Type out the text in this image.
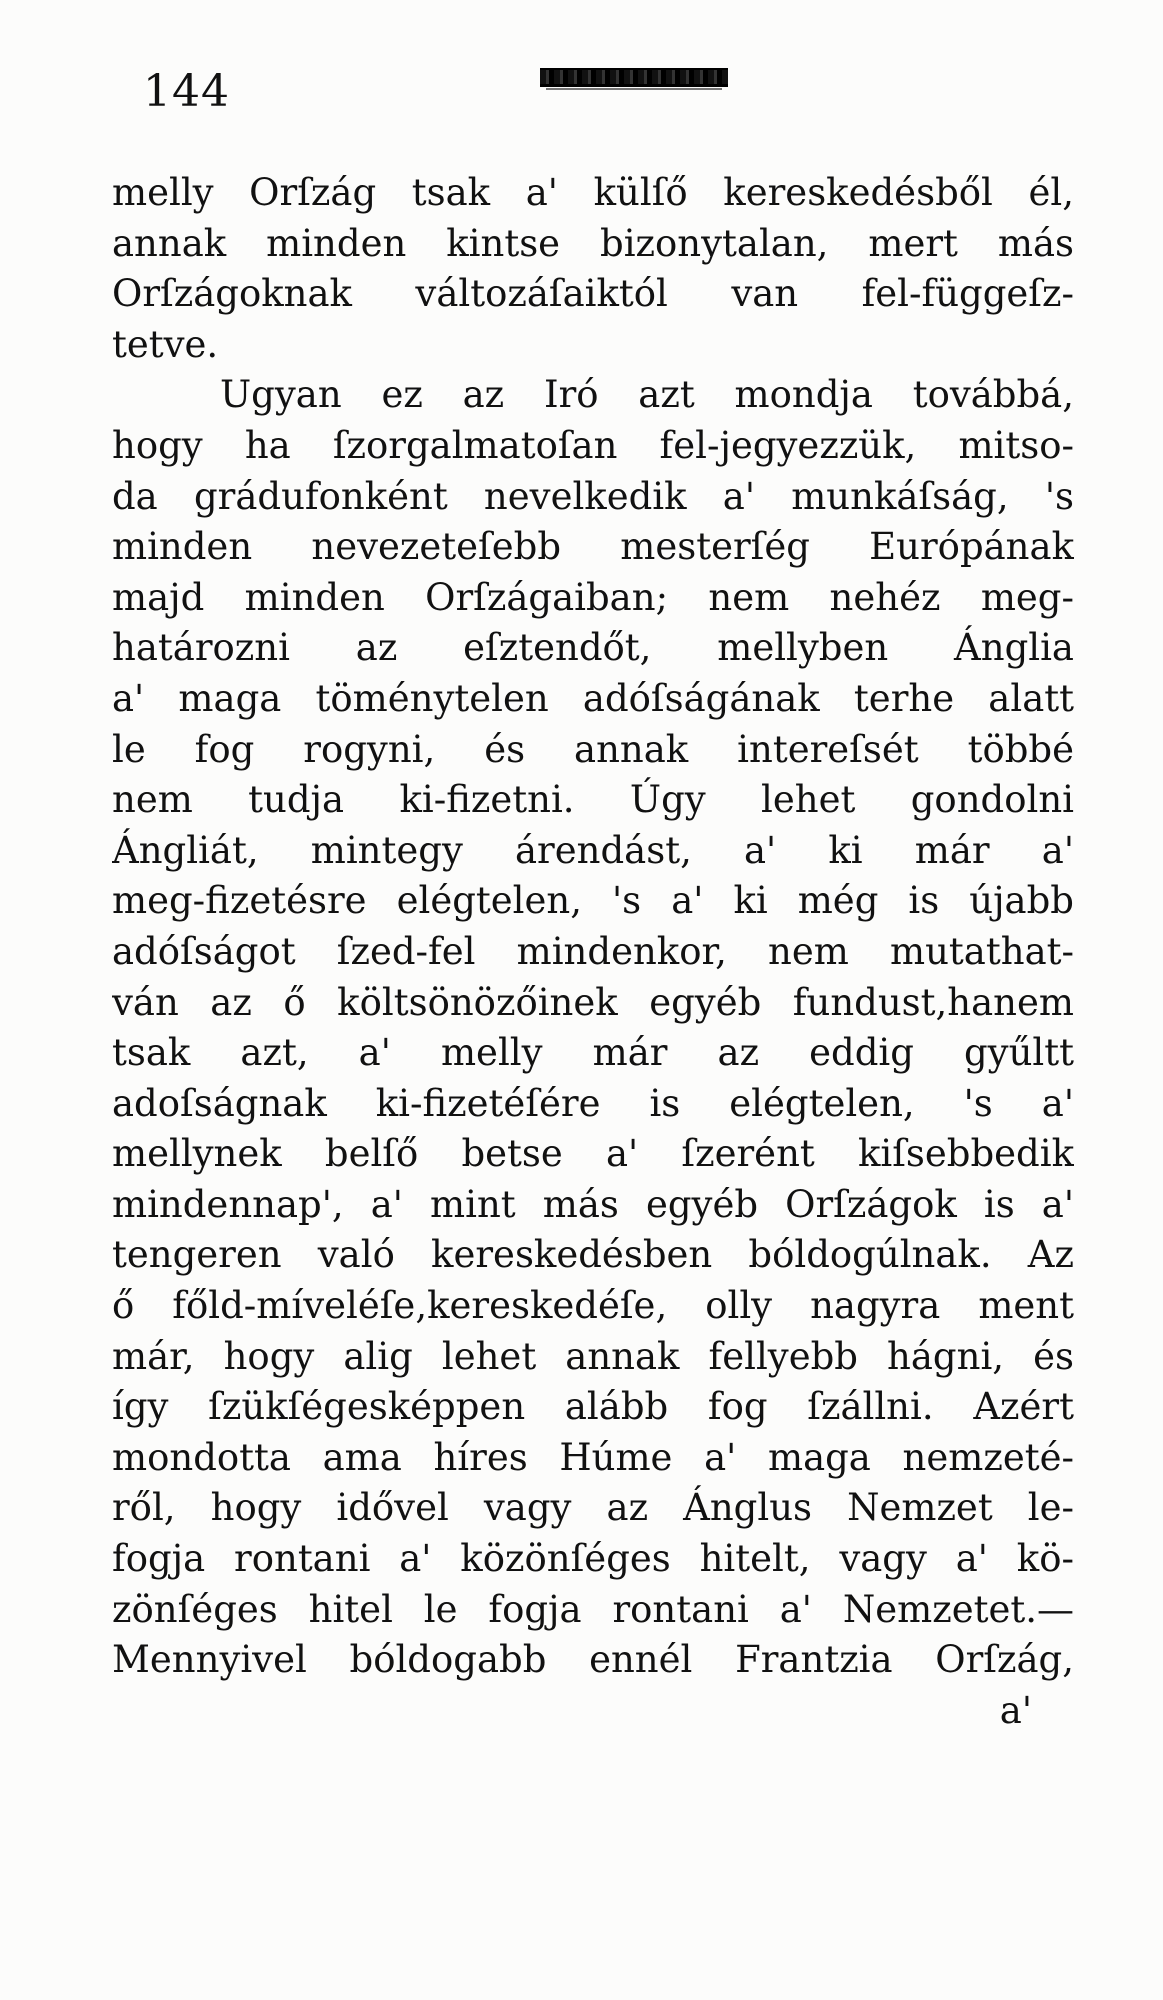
144
melly Orſzág tsak a' külſő kereskedésből él,
annak minden kintse bizonytalan, mert más
Orſzágoknak változáſaiktól van fel-függeſz-
tetve.
Ugyan ez az Iró azt mondja továbbá,
hogy ha ſzorgalmatoſan fel-jegyezzük, mitso-
da grádufonként nevelkedik a' munkáſság, 's
minden nevezeteſebb mesterſég Európának
majd minden Orſzágaiban; nem nehéz meg-
határozni az eſztendőt, mellyben Ánglia
a' maga töménytelen adóſságának terhe alatt
le fog rogyni, és annak intereſsét többé
nem tudja ki-fizetni. Úgy lehet gondolni
Ángliát, mintegy árendást, a' ki már a'
meg-fizetésre elégtelen, 's a' ki még is újabb
adóſságot ſzed-fel mindenkor, nem mutathat-
ván az ő költsönözőinek egyéb fundust,hanem
tsak azt, a' melly már az eddig gyűltt
adoſságnak ki-fizetéſére is elégtelen, 's a'
mellynek belſő betse a' ſzerént kiſsebbedik
mindennap', a' mint más egyéb Orſzágok is a'
tengeren való kereskedésben bóldogúlnak. Az
ő főld-míveléſe,kereskedéſe, olly nagyra ment
már, hogy alig lehet annak fellyebb hágni, és
így ſzükſégesképpen alább fog ſzállni. Azért
mondotta ama híres Húme a' maga nemzeté-
ről, hogy idővel vagy az Ánglus Nemzet le-
fogja rontani a' közönſéges hitelt, vagy a' kö-
zönſéges hitel le fogja rontani a' Nemzetet.—
Mennyivel bóldogabb ennél Frantzia Orſzág,
a'
